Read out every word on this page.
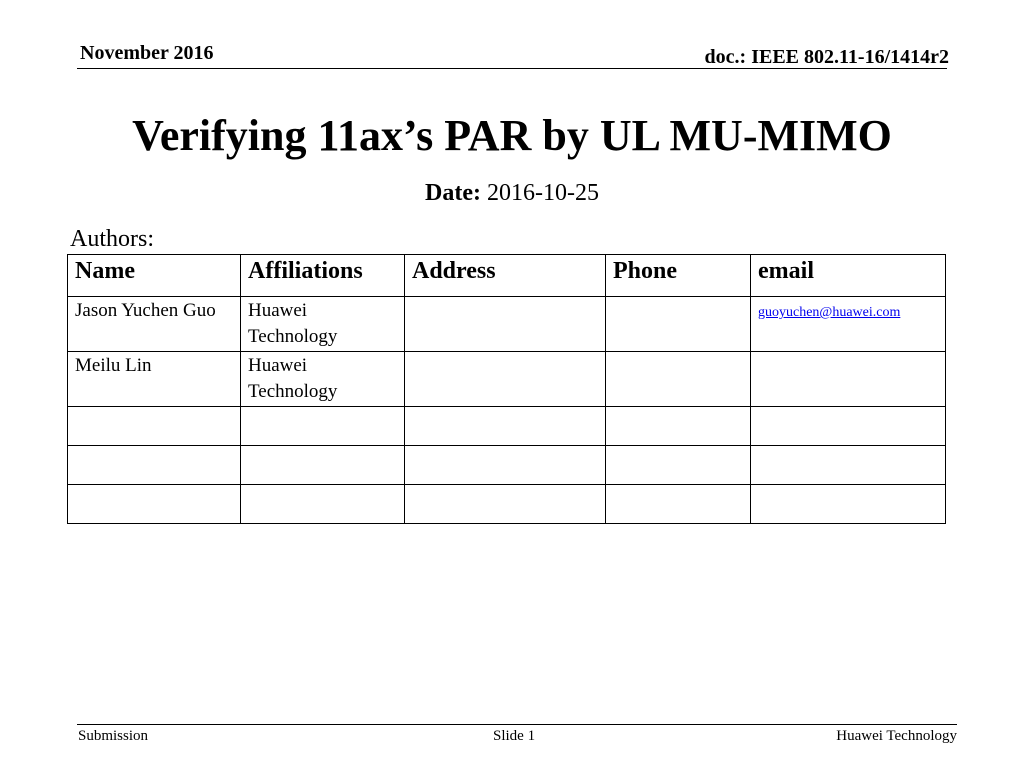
November 2016	doc.: IEEE 802.11-16/1414r2
Verifying 11ax’s PAR by UL MU-MIMO
Date: 2016-10-25
Authors:
Name	Affiliations	Address	Phone	email
Jason Yuchen Guo	Huawei Technology			guoyuchen@huawei.com
Meilu Lin	Huawei Technology			

Submission	Slide 1	Huawei Technology
